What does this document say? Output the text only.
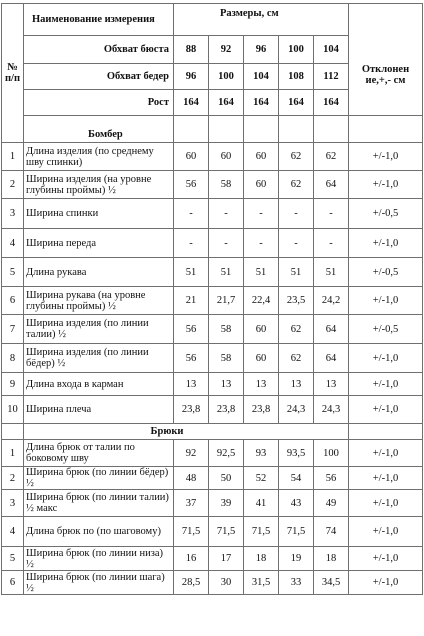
№ п/п	Наименование измерения	Размеры, см					
	Обхват бюста	88	92	96	100	104	Отклонен ие,+,- см
	Обхват бедер	96	100	104	108	112	
	Рост	164	164	164	164	164	
	Бомбер						
1	Длина изделия (по среднему шву спинки)	60	60	60	62	62	+/-1,0
2	Ширина изделия (на уровне глубины проймы) ½	56	58	60	62	64	+/-1,0
3	Ширина спинки	-	-	-	-	-	+/-0,5
4	Ширина переда	-	-	-	-	-	+/-1,0
5	Длина рукава	51	51	51	51	51	+/-0,5
6	Ширина рукава (на уровне глубины проймы) ½	21	21,7	22,4	23,5	24,2	+/-1,0
7	Ширина изделия (по линии талии) ½	56	58	60	62	64	+/-0,5
8	Ширина изделия (по линии бёдер) ½	56	58	60	62	64	+/-1,0
9	Длина входа в карман	13	13	13	13	13	+/-1,0
10	Ширина плеча	23,8	23,8	23,8	24,3	24,3	+/-1,0
	Брюки						
1	Длина брюк от талии по боковому шву	92	92,5	93	93,5	100	+/-1,0
2	Ширина брюк (по линии бёдер) ½	48	50	52	54	56	+/-1,0
3	Ширина брюк (по линии талии) ½ макс	37	39	41	43	49	+/-1,0
4	Длина брюк по (по шаговому)	71,5	71,5	71,5	71,5	74	+/-1,0
5	Ширина брюк (по линии низа) ½	16	17	18	19	18	+/-1,0
6	Ширина брюк (по линии шага) ½	28,5	30	31,5	33	34,5	+/-1,0
